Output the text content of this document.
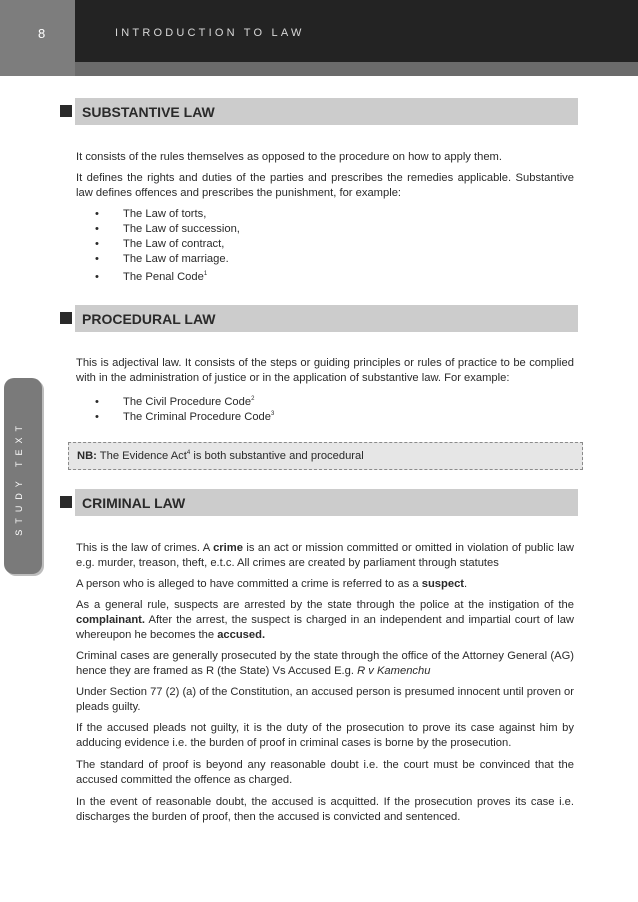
8	INTRODUCTION TO LAW
STUDY TEXT
SUBSTANTIVE LAW

It consists of the rules themselves as opposed to the procedure on how to apply them.

It defines the rights and duties of the parties and prescribes the remedies applicable. Substantive law defines offences and prescribes the punishment, for example:

• The Law of torts,
• The Law of succession,
• The Law of contract,
• The Law of marriage.
• The Penal Code$^1$
PROCEDURAL LAW

This is adjectival law. It consists of the steps or guiding principles or rules of practice to be complied with in the administration of justice or in the application of substantive law. For example:

• The Civil Procedure Code$^2$
• The Criminal Procedure Code$^3$
NB: The Evidence Act$^4$ is both substantive and procedural
CRIMINAL LAW

This is the law of crimes. A crime is an act or mission committed or omitted in violation of public law e.g. murder, treason, theft, e.t.c. All crimes are created by parliament through statutes

A person who is alleged to have committed a crime is referred to as a suspect.

As a general rule, suspects are arrested by the state through the police at the instigation of the complainant. After the arrest, the suspect is charged in an independent and impartial court of law whereupon he becomes the accused.

Criminal cases are generally prosecuted by the state through the office of the Attorney General (AG) hence they are framed as R (the State) Vs Accused E.g. R v Kamenchu

Under Section 77 (2) (a) of the Constitution, an accused person is presumed innocent until proven or pleads guilty.

If the accused pleads not guilty, it is the duty of the prosecution to prove its case against him by adducing evidence i.e. the burden of proof in criminal cases is borne by the prosecution.

The standard of proof is beyond any reasonable doubt i.e. the court must be convinced that the accused committed the offence as charged.

In the event of reasonable doubt, the accused is acquitted. If the prosecution proves its case i.e. discharges the burden of proof, then the accused is convicted and sentenced.
